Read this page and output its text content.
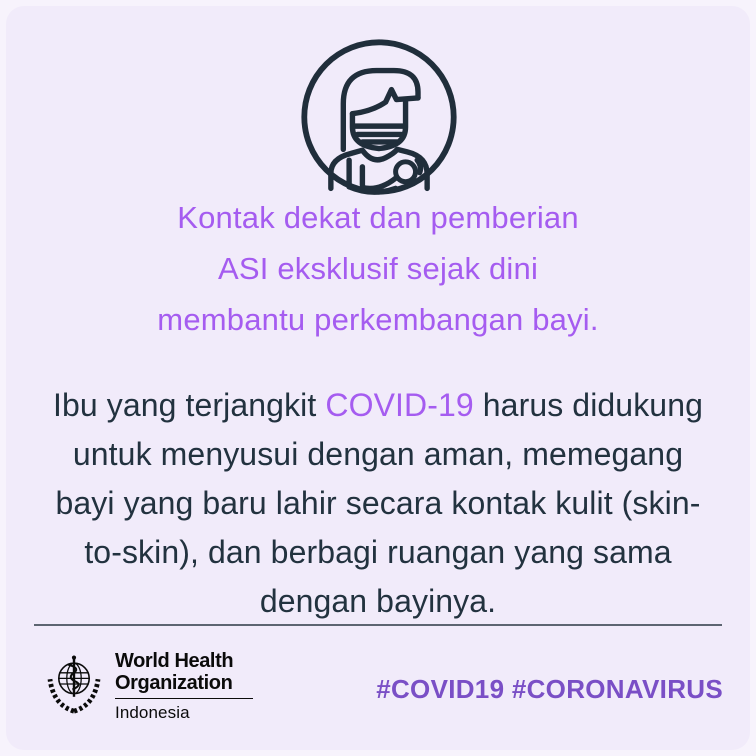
Kontak dekat dan pemberian
ASI eksklusif sejak dini
membantu perkembangan bayi.
Ibu yang terjangkit COVID-19 harus didukung
untuk menyusui dengan aman, memegang
bayi yang baru lahir secara kontak kulit (skin-
to-skin), dan berbagi ruangan yang sama
dengan bayinya.
World Health
Organization
Indonesia
#COVID19 #CORONAVIRUS
